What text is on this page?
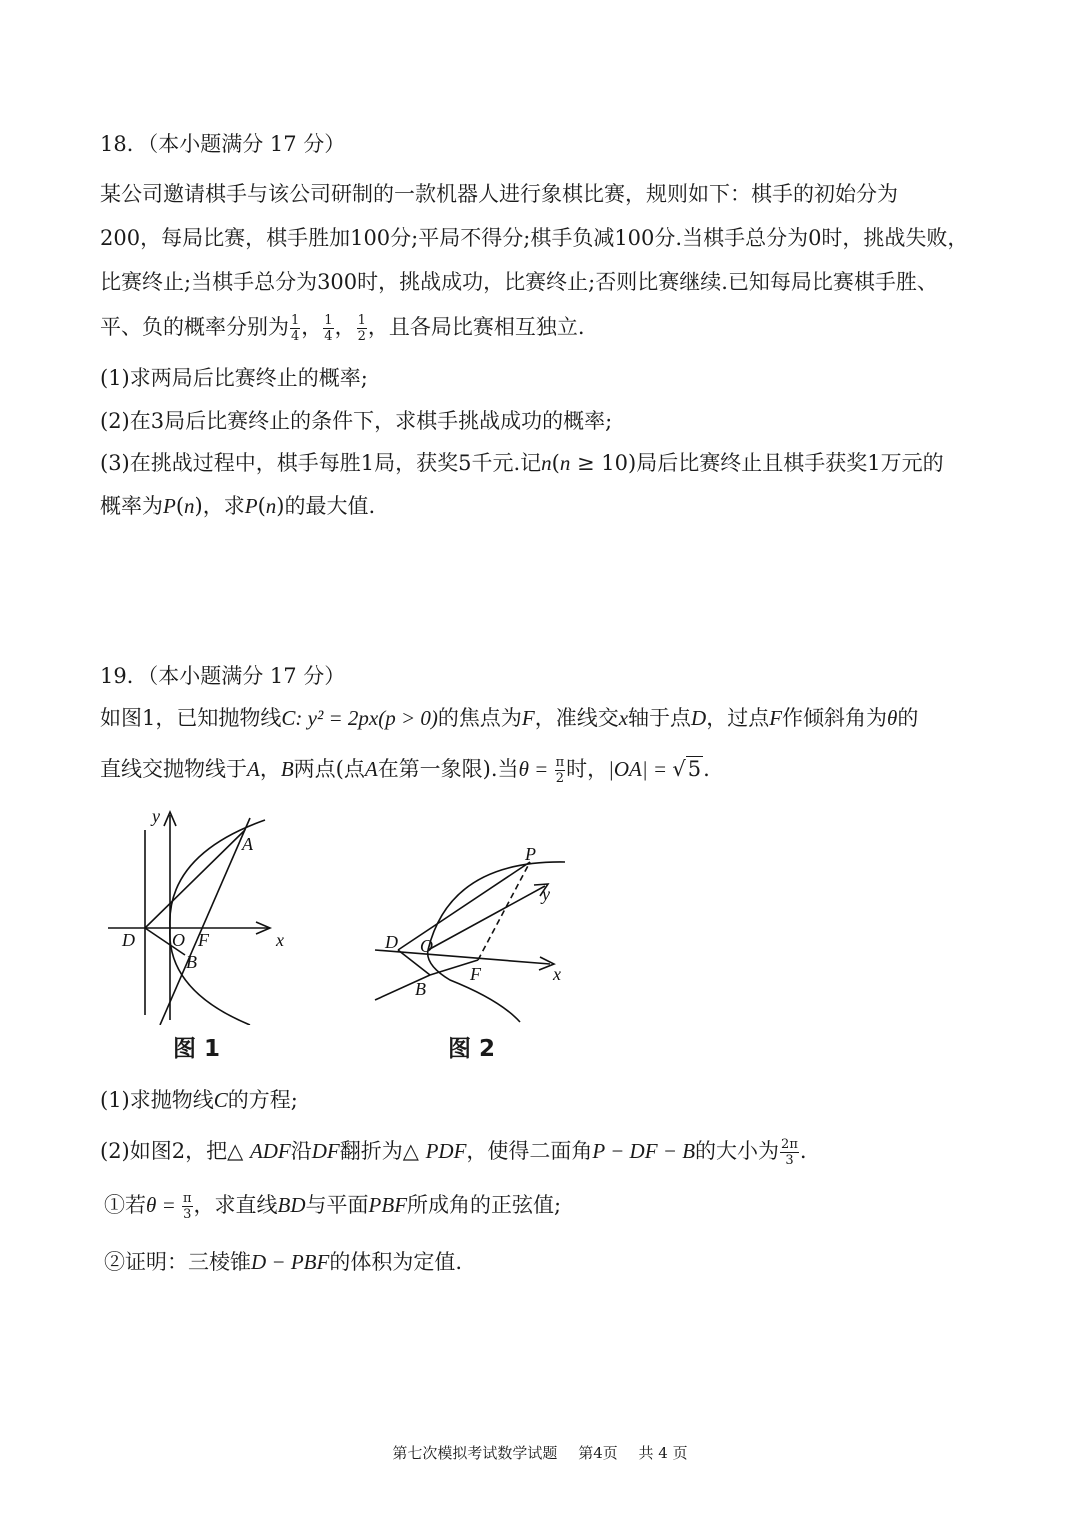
18．（本小题满分 17 分）
某公司邀请棋手与该公司研制的一款机器人进行象棋比赛，规则如下：棋手的初始分为
200，每局比赛，棋手胜加100分;平局不得分;棋手负减100分.当棋手总分为0时，挑战失败，
比赛终止;当棋手总分为300时，挑战成功，比赛终止;否则比赛继续.已知每局比赛棋手胜、
平、负的概率分别为 $\frac{1}{4}$ ， $\frac{1}{4}$ ， $\frac{1}{2}$ ，且各局比赛相互独立.
(1)求两局后比赛终止的概率;
(2)在3局后比赛终止的条件下，求棋手挑战成功的概率;
(3)在挑战过程中，棋手每胜1局，获奖5千元.记n(n ≥ 10)局后比赛终止且棋手获奖1万元的
概率为P(n)，求P(n)的最大值.
19．（本小题满分 17 分）
如图1，已知抛物线C: y² = 2px(p > 0)的焦点为F，准线交x轴于点D，过点F作倾斜角为θ的
直线交抛物线于A，B两点(点A在第一象限).当$\theta = \frac{\pi}{2}$ 时，|OA| = √5.
y
x
D O F
A
B
图 1
P
y
x
D O
F
B
图 2
(1)求抛物线C的方程;
(2)如图2，把△ ADF沿DF翻折为△ PDF，使得二面角P − DF − B的大小为 $\frac{2\pi}{3}$ .
①若$\theta = \frac{\pi}{3}$ ，求直线BD与平面PBF所成角的正弦值;
②证明：三棱锥D − PBF的体积为定值.
第七次模拟考试数学试题 第4页 共 4 页
